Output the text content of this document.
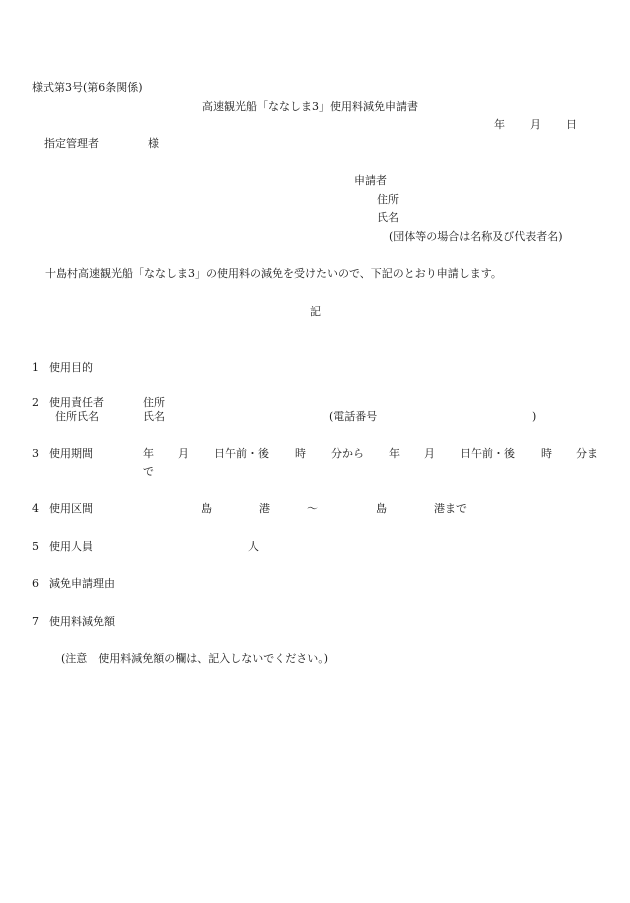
様式第3号(第6条関係)
高速観光船「ななしま3」使用料減免申請書
年 月 日
指定管理者	様
申請者
住所
氏名
(団体等の場合は名称及び代表者名)
十島村高速観光船「ななしま3」の使用料の減免を受けたいので、下記のとおり申請します。
記
1 使用目的
2 使用責任者	住所
住所氏名	氏名	(電話番号	)
3 使用期間	年 月 日午前・後 時 分から 年 月 日午前・後 時 分ま
で
4 使用区間	島	港	～	島	港まで
5 使用人員	人
6 減免申請理由
7 使用料減免額
(注意　使用料減免額の欄は、記入しないでください。)
